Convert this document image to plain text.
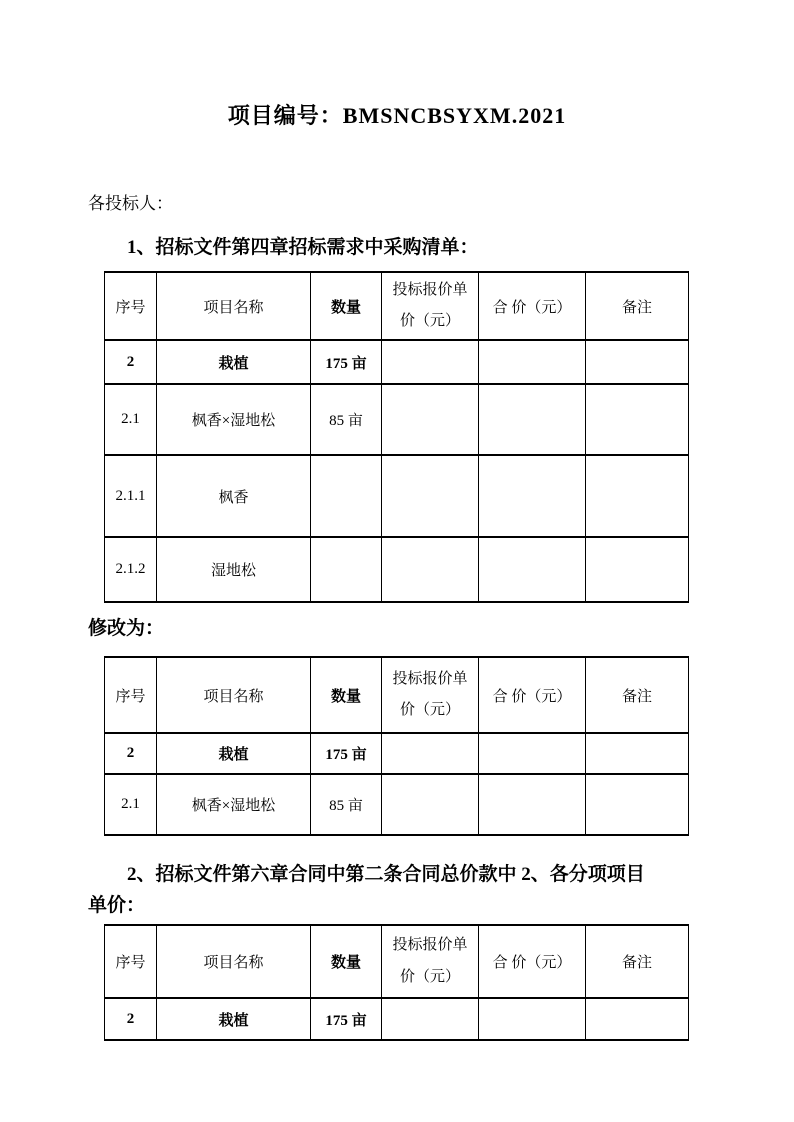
项目编号：BMSNCBSYXM.2021
各投标人：
1、招标文件第四章招标需求中采购清单：
序号	项目名称	数量	投标报价单价（元）	合 价（元）	备注
2	栽植	175 亩			
2.1	枫香×湿地松	85 亩			
2.1.1	枫香				
2.1.2	湿地松				
修改为：
序号	项目名称	数量	投标报价单价（元）	合 价（元）	备注
2	栽植	175 亩			
2.1	枫香×湿地松	85 亩			
2、招标文件第六章合同中第二条合同总价款中 2、各分项项目
单价：
序号	项目名称	数量	投标报价单价（元）	合 价（元）	备注
2	栽植	175 亩			
